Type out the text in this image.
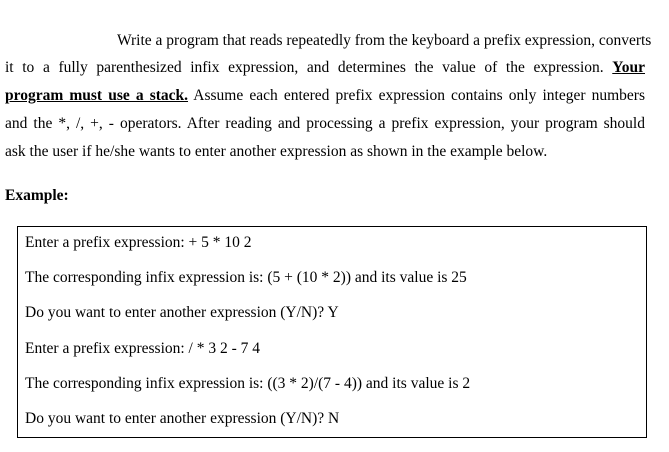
Write a program that reads repeatedly from the keyboard a prefix expression, converts
it to a fully parenthesized infix expression, and determines the value of the expression. Your
program must use a stack. Assume each entered prefix expression contains only integer numbers
and the *, /, +, - operators. After reading and processing a prefix expression, your program should
ask the user if he/she wants to enter another expression as shown in the example below.
Example:
Enter a prefix expression: + 5 * 10 2
The corresponding infix expression is: (5 + (10 * 2)) and its value is 25
Do you want to enter another expression (Y/N)? Y
Enter a prefix expression: / * 3 2 - 7 4
The corresponding infix expression is: ((3 * 2)/(7 - 4)) and its value is 2
Do you want to enter another expression (Y/N)? N
